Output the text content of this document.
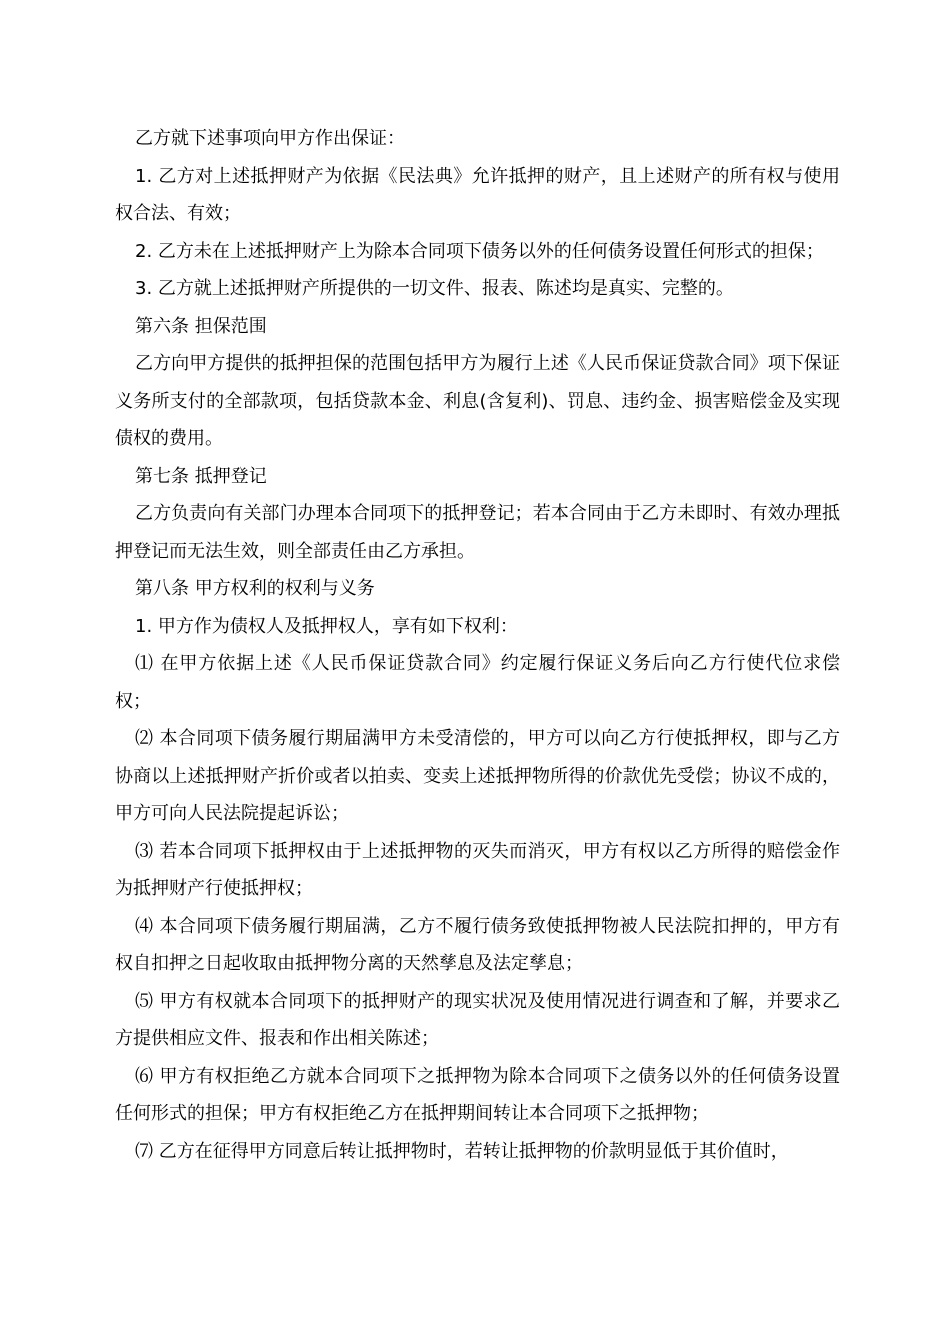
乙方就下述事项向甲方作出保证：

1. 乙方对上述抵押财产为依据《民法典》允许抵押的财产，且上述财产的所有权与使用权合法、有效；

2. 乙方未在上述抵押财产上为除本合同项下债务以外的任何债务设置任何形式的担保；

3. 乙方就上述抵押财产所提供的一切文件、报表、陈述均是真实、完整的。

第六条 担保范围

乙方向甲方提供的抵押担保的范围包括甲方为履行上述《人民币保证贷款合同》项下保证义务所支付的全部款项，包括贷款本金、利息(含复利)、罚息、违约金、损害赔偿金及实现债权的费用。

第七条 抵押登记

乙方负责向有关部门办理本合同项下的抵押登记；若本合同由于乙方未即时、有效办理抵押登记而无法生效，则全部责任由乙方承担。

第八条 甲方权利的权利与义务

1. 甲方作为债权人及抵押权人，享有如下权利：

⑴ 在甲方依据上述《人民币保证贷款合同》约定履行保证义务后向乙方行使代位求偿权；

⑵ 本合同项下债务履行期届满甲方未受清偿的，甲方可以向乙方行使抵押权，即与乙方协商以上述抵押财产折价或者以拍卖、变卖上述抵押物所得的价款优先受偿；协议不成的，甲方可向人民法院提起诉讼；

⑶ 若本合同项下抵押权由于上述抵押物的灭失而消灭，甲方有权以乙方所得的赔偿金作为抵押财产行使抵押权；

⑷ 本合同项下债务履行期届满，乙方不履行债务致使抵押物被人民法院扣押的，甲方有权自扣押之日起收取由抵押物分离的天然孳息及法定孳息；

⑸ 甲方有权就本合同项下的抵押财产的现实状况及使用情况进行调查和了解，并要求乙方提供相应文件、报表和作出相关陈述；

⑹ 甲方有权拒绝乙方就本合同项下之抵押物为除本合同项下之债务以外的任何债务设置任何形式的担保；甲方有权拒绝乙方在抵押期间转让本合同项下之抵押物；

⑺ 乙方在征得甲方同意后转让抵押物时，若转让抵押物的价款明显低于其价值时，
